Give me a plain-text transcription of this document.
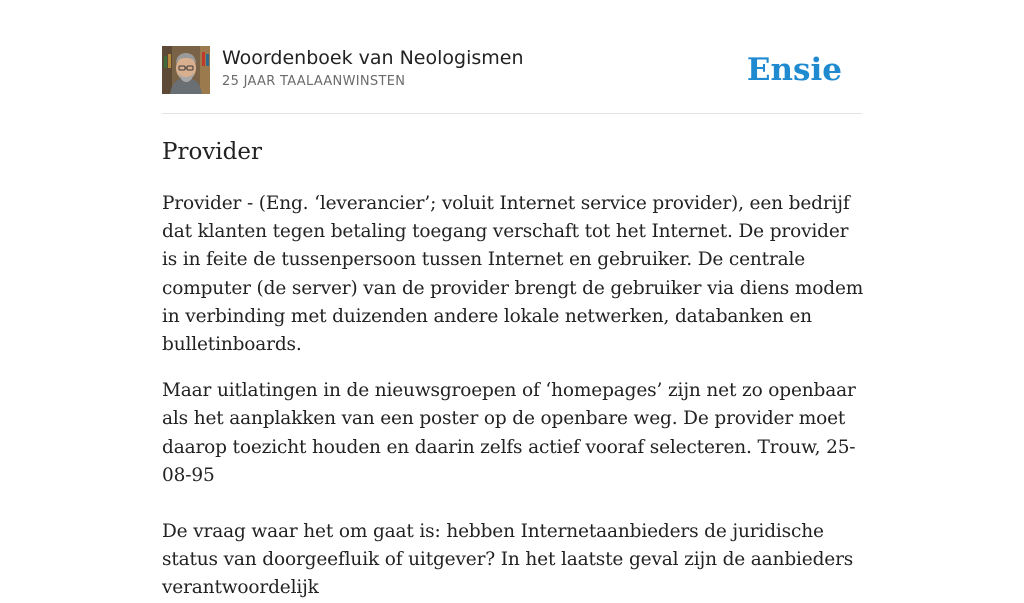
Woordenboek van Neologismen
25 JAAR TAALAANWINSTEN	Ensie
Provider

Provider - (Eng. ‘leverancier’; voluit Internet service provider), een bedrijf dat klanten tegen betaling toegang verschaft tot het Internet. De provider is in feite de tussenpersoon tussen Internet en gebruiker. De centrale computer (de server) van de provider brengt de gebruiker via diens modem in verbinding met duizenden andere lokale netwerken, databanken en bulletinboards.

Maar uitlatingen in de nieuwsgroepen of ‘homepages’ zijn net zo openbaar als het aanplakken van een poster op de openbare weg. De provider moet daarop toezicht houden en daarin zelfs actief vooraf selecteren. Trouw, 25-08-95

De vraag waar het om gaat is: hebben Internetaanbieders de juridische status van doorgeefluik of uitgever? In het laatste geval zijn de aanbieders verantwoordelijk
